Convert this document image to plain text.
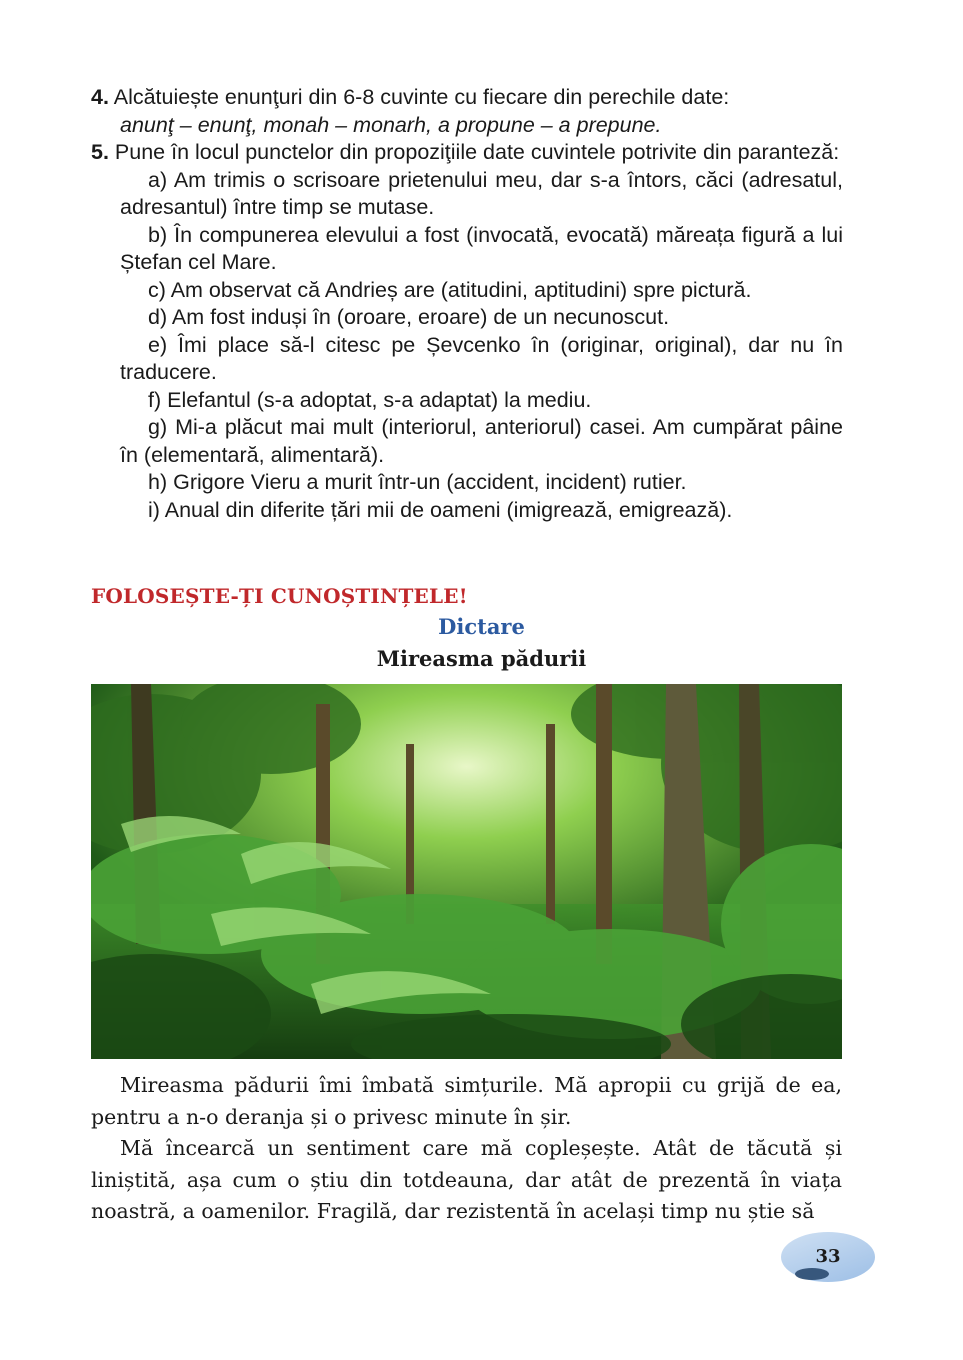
4. Alcătuiește enunţuri din 6-8 cuvinte cu fiecare din perechile date:

anunţ – enunţ, monah – monarh, a propune – a prepune.

5. Pune în locul punctelor din propoziţiile date cuvintele potrivite din paranteză:

a) Am trimis o scrisoare prietenului meu, dar s-a întors, căci (adresatul, adresantul) între timp se mutase.

b) În compunerea elevului a fost (invocată, evocată) măreața figură a lui Ștefan cel Mare.

c) Am observat că Andrieș are (atitudini, aptitudini) spre pictură.

d) Am fost induși în (oroare, eroare) de un necunoscut.

e) Îmi place să-l citesc pe Șevcenko în (originar, original), dar nu în traducere.

f) Elefantul (s-a adoptat, s-a adaptat) la mediu.

g) Mi-a plăcut mai mult (interiorul, anteriorul) casei. Am cumpărat pâine în (elementară, alimentară).

h) Grigore Vieru a murit într-un (accident, incident) rutier.

i) Anual din diferite țări mii de oameni (imigrează, emigrează).

FOLOSEȘTE-ȚI CUNOȘTINȚELE!
Dictare
Mireasma pădurii

Mireasma pădurii îmi îmbată simțurile. Mă apropii cu grijă de ea, pentru a n-o deranja și o privesc minute în șir.

Mă încearcă un sentiment care mă copleșește. Atât de tăcută și liniștită, așa cum o știu din totdeauna, dar atât de prezentă în viața noastră, a oamenilor. Fragilă, dar rezistentă în același timp nu știe să

33
